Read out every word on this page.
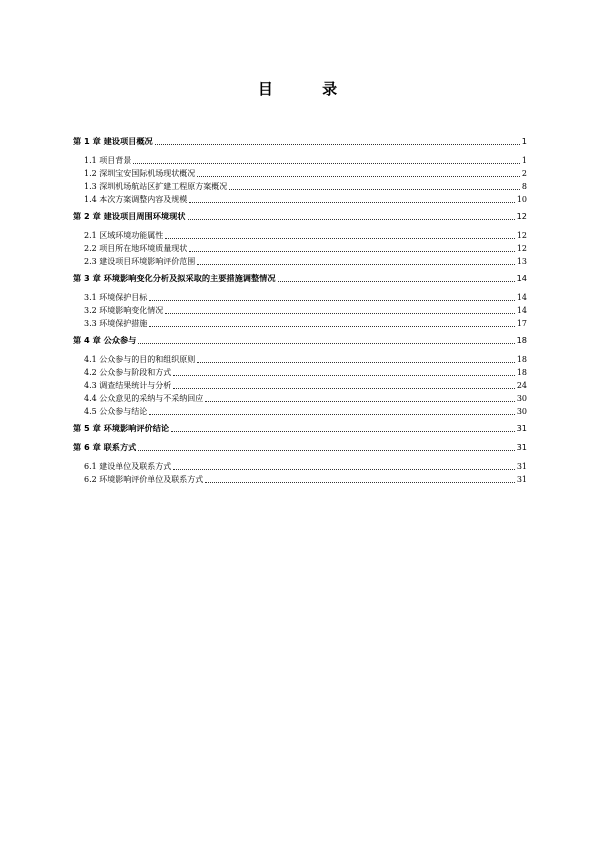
目 录
第 1 章 建设项目概况	1
1.1 项目背景	1
1.2 深圳宝安国际机场现状概况	2
1.3 深圳机场航站区扩建工程原方案概况	8
1.4 本次方案调整内容及规模	10
第 2 章 建设项目周围环境现状	12
2.1 区域环境功能属性	12
2.2 项目所在地环境质量现状	12
2.3 建设项目环境影响评价范围	13
第 3 章 环境影响变化分析及拟采取的主要措施调整情况	14
3.1 环境保护目标	14
3.2 环境影响变化情况	14
3.3 环境保护措施	17
第 4 章 公众参与	18
4.1 公众参与的目的和组织原则	18
4.2 公众参与阶段和方式	18
4.3 调查结果统计与分析	24
4.4 公众意见的采纳与不采纳回应	30
4.5 公众参与结论	30
第 5 章 环境影响评价结论	31
第 6 章 联系方式	31
6.1 建设单位及联系方式	31
6.2 环境影响评价单位及联系方式	31
